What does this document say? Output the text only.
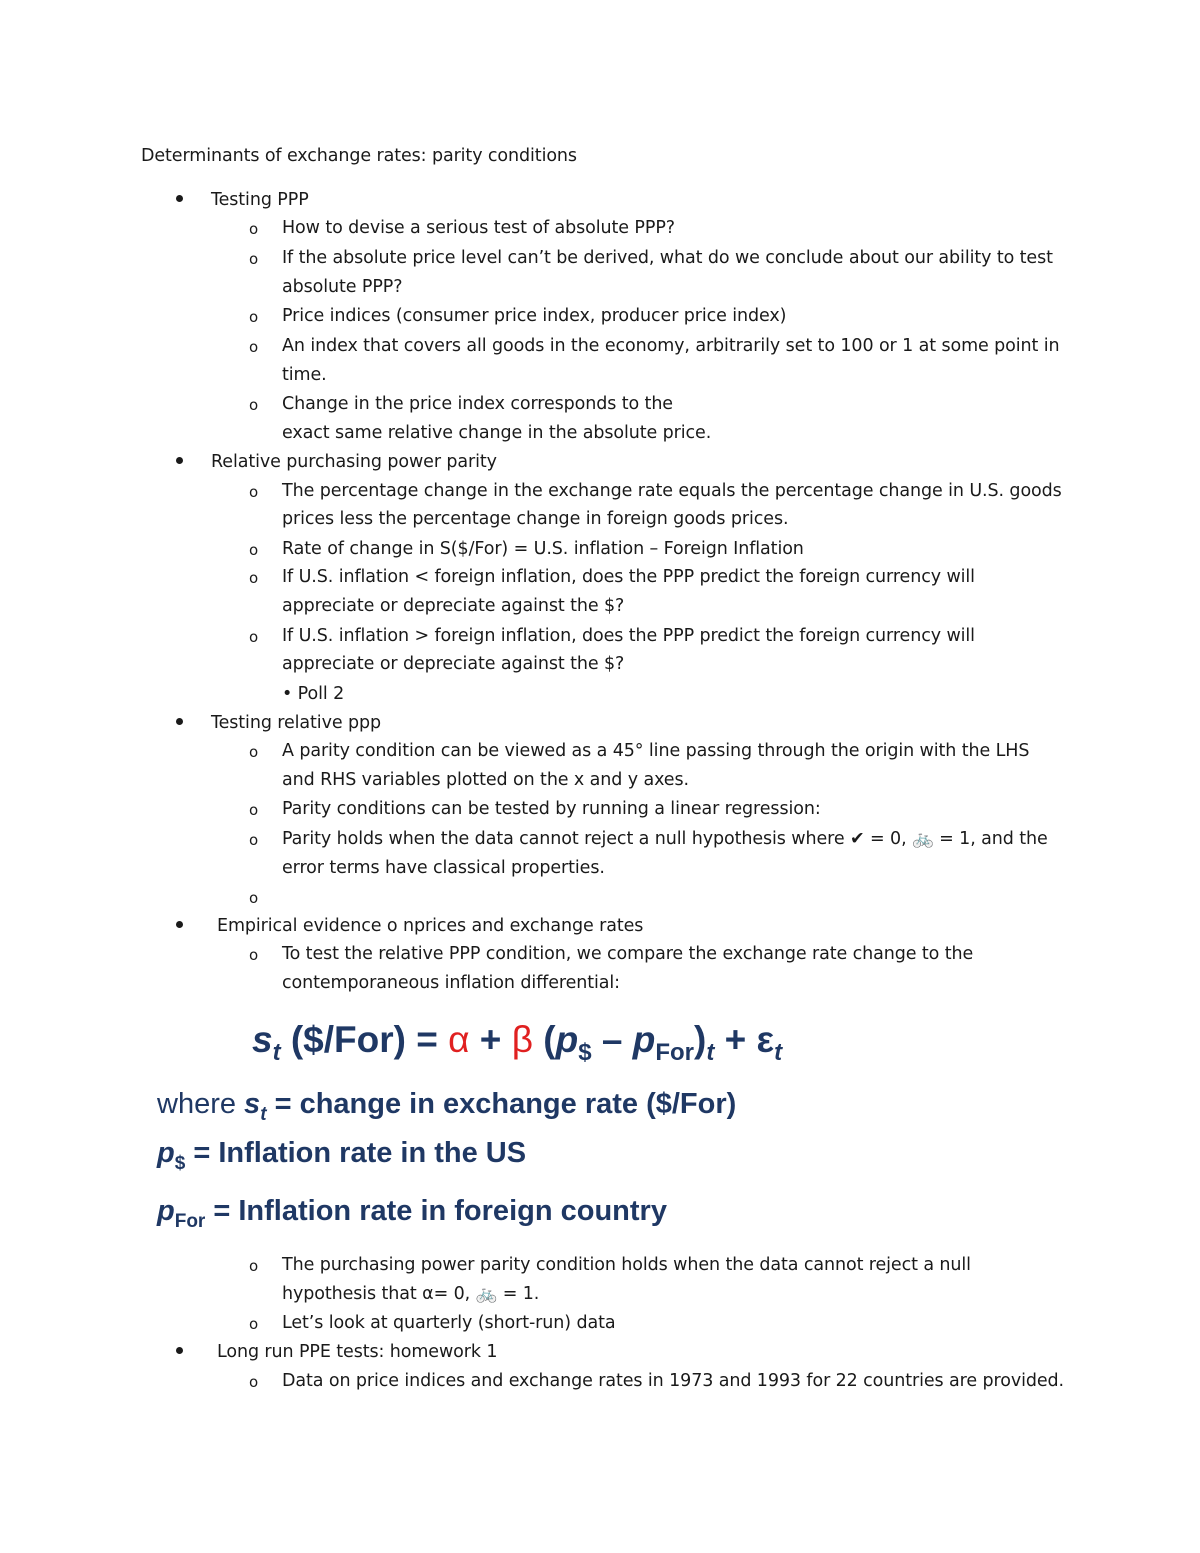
Determinants of exchange rates: parity conditions
Testing PPP
o How to devise a serious test of absolute PPP?
o If the absolute price level can’t be derived, what do we conclude about our ability to test
absolute PPP?
o Price indices (consumer price index, producer price index)
o An index that covers all goods in the economy, arbitrarily set to 100 or 1 at some point in
time.
o Change in the price index corresponds to the
exact same relative change in the absolute price.
Relative purchasing power parity
o The percentage change in the exchange rate equals the percentage change in U.S. goods
prices less the percentage change in foreign goods prices.
o Rate of change in S($/For) = U.S. inflation – Foreign Inflation
o If U.S. inflation < foreign inflation, does the PPP predict the foreign currency will
appreciate or depreciate against the $?
o If U.S. inflation > foreign inflation, does the PPP predict the foreign currency will
appreciate or depreciate against the $?
• Poll 2
Testing relative ppp
o A parity condition can be viewed as a 45° line passing through the origin with the LHS
and RHS variables plotted on the x and y axes.
o Parity conditions can be tested by running a linear regression:
o Parity holds when the data cannot reject a null hypothesis where ✔ = 0, 🚲 = 1, and the
error terms have classical properties.
o
Empirical evidence o nprices and exchange rates
o To test the relative PPP condition, we compare the exchange rate change to the
contemporaneous inflation differential:
$s_t$ ($/For) = α + β $(p_{\$} - p_{For})_t + \varepsilon_t$
where $s_t$ = change in exchange rate ($/For)
$p_{\$}$ = Inflation rate in the US
$p_{For}$ = Inflation rate in foreign country
o The purchasing power parity condition holds when the data cannot reject a null
hypothesis that α= 0, 🚲 = 1.
o Let’s look at quarterly (short-run) data
Long run PPE tests: homework 1
o Data on price indices and exchange rates in 1973 and 1993 for 22 countries are provided.
